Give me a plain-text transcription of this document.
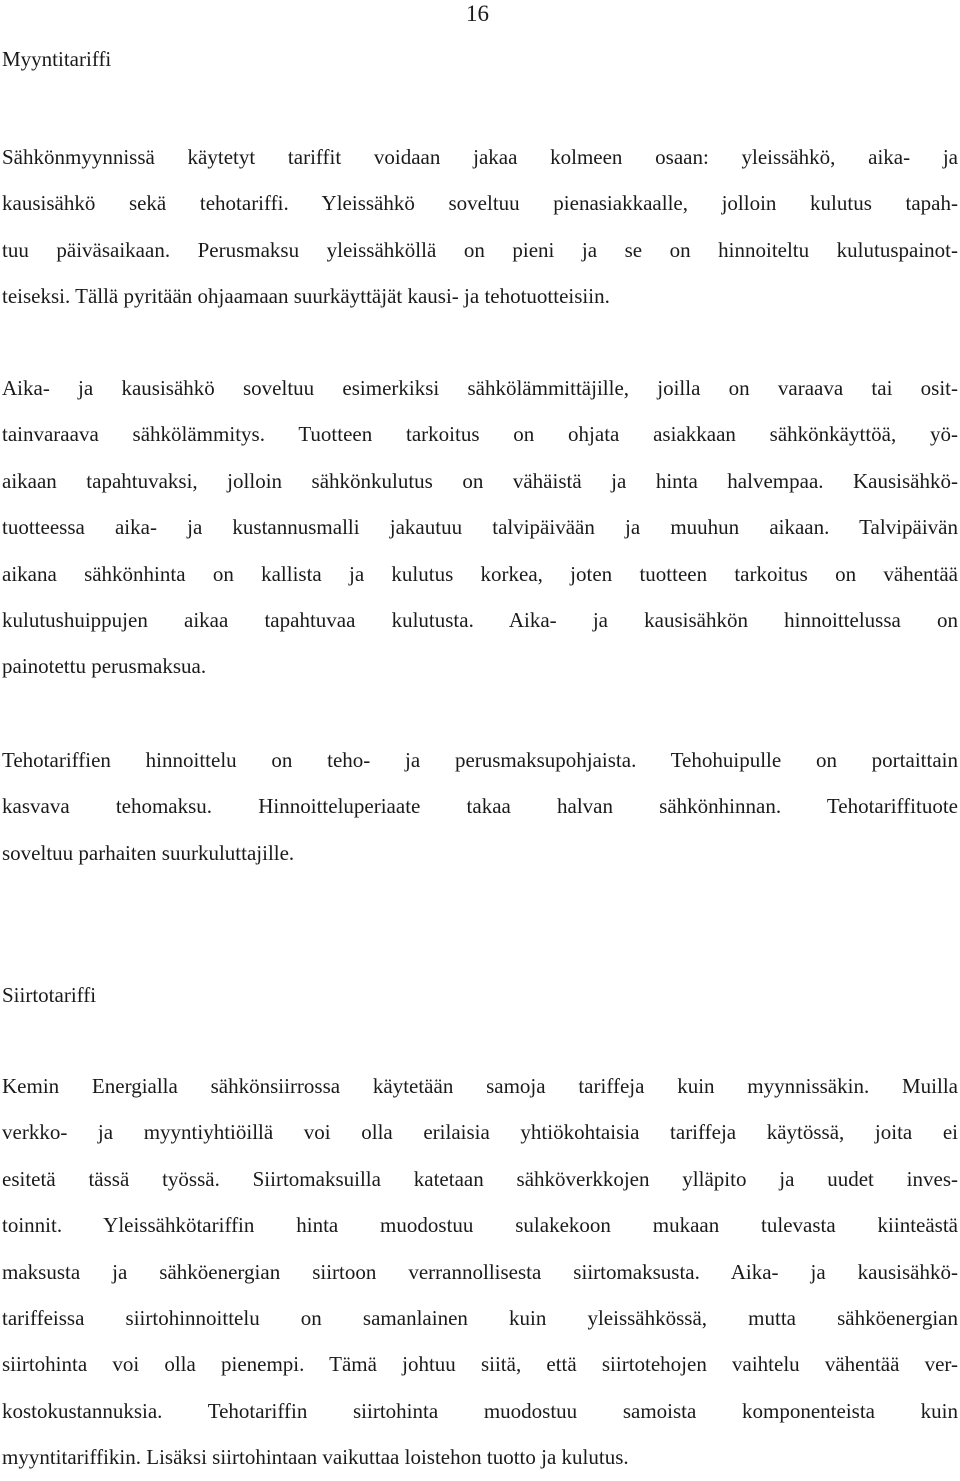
16
Myyntitariffi
Sähkönmyynnissä käytetyt tariffit voidaan jakaa kolmeen osaan: yleissähkö, aika- ja
kausisähkö sekä tehotariffi. Yleissähkö soveltuu pienasiakkaalle, jolloin kulutus tapah-
tuu päiväsaikaan. Perusmaksu yleissähköllä on pieni ja se on hinnoiteltu kulutuspainot-
teiseksi. Tällä pyritään ohjaamaan suurkäyttäjät kausi- ja tehotuotteisiin.
Aika- ja kausisähkö soveltuu esimerkiksi sähkölämmittäjille, joilla on varaava tai osit-
tainvaraava sähkölämmitys. Tuotteen tarkoitus on ohjata asiakkaan sähkönkäyttöä, yö-
aikaan tapahtuvaksi, jolloin sähkönkulutus on vähäistä ja hinta halvempaa. Kausisähkö-
tuotteessa aika- ja kustannusmalli jakautuu talvipäivään ja muuhun aikaan. Talvipäivän
aikana sähkönhinta on kallista ja kulutus korkea, joten tuotteen tarkoitus on vähentää
kulutushuippujen aikaa tapahtuvaa kulutusta. Aika- ja kausisähkön hinnoittelussa on
painotettu perusmaksua.
Tehotariffien hinnoittelu on teho- ja perusmaksupohjaista. Tehohuipulle on portaittain
kasvava tehomaksu. Hinnoitteluperiaate takaa halvan sähkönhinnan. Tehotariffituote
soveltuu parhaiten suurkuluttajille.
Siirtotariffi
Kemin Energialla sähkönsiirrossa käytetään samoja tariffeja kuin myynnissäkin. Muilla
verkko- ja myyntiyhtiöillä voi olla erilaisia yhtiökohtaisia tariffeja käytössä, joita ei
esitetä tässä työssä. Siirtomaksuilla katetaan sähköverkkojen ylläpito ja uudet inves-
toinnit. Yleissähkötariffin hinta muodostuu sulakekoon mukaan tulevasta kiinteästä
maksusta ja sähköenergian siirtoon verrannollisesta siirtomaksusta. Aika- ja kausisähkö-
tariffeissa siirtohinnoittelu on samanlainen kuin yleissähkössä, mutta sähköenergian
siirtohinta voi olla pienempi. Tämä johtuu siitä, että siirtotehojen vaihtelu vähentää ver-
kostokustannuksia. Tehotariffin siirtohinta muodostuu samoista komponenteista kuin
myyntitariffikin. Lisäksi siirtohintaan vaikuttaa loistehon tuotto ja kulutus.
